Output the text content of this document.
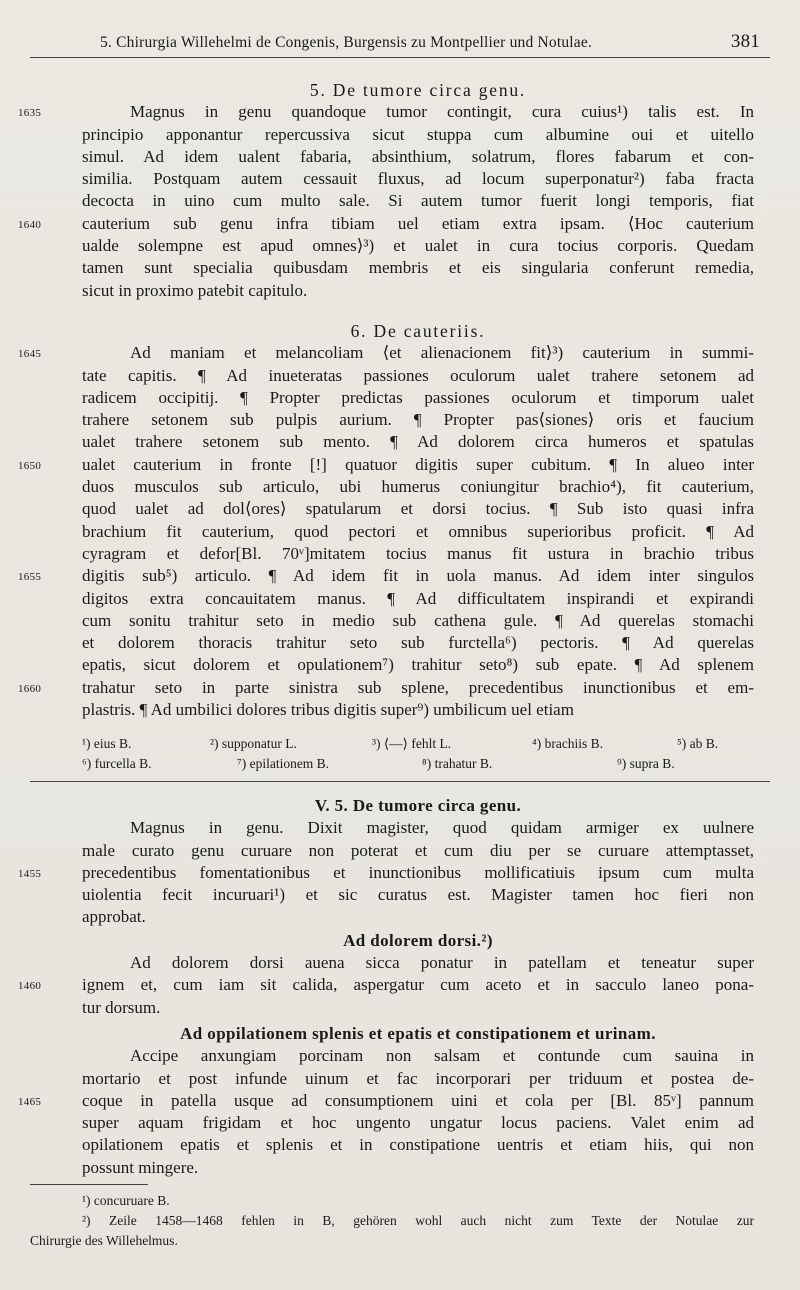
5. Chirurgia Willehelmi de Congenis, Burgensis zu Montpellier und Notulae.	381
5. De tumore circa genu.
Magnus in genu quandoque tumor contingit, cura cuius¹) talis est. In
1635
principio apponantur repercussiva sicut stuppa cum albumine oui et uitello
simul. Ad idem ualent fabaria, absinthium, solatrum, flores fabarum et con-
similia. Postquam autem cessauit fluxus, ad locum superponatur²) faba fracta
decocta in uino cum multo sale. Si autem tumor fuerit longi temporis, fiat
cauterium sub genu infra tibiam uel etiam extra ipsam. ⟨Hoc cauterium
1640
ualde solempne est apud omnes⟩³) et ualet in cura tocius corporis. Quedam
tamen sunt specialia quibusdam membris et eis singularia conferunt remedia,
sicut in proximo patebit capitulo.
6. De cauteriis.
Ad maniam et melancoliam ⟨et alienacionem fit⟩³) cauterium in summi-
1645
tate capitis. ¶ Ad inueteratas passiones oculorum ualet trahere setonem ad
radicem occipitij. ¶ Propter predictas passiones oculorum et timporum ualet
trahere setonem sub pulpis aurium. ¶ Propter pas⟨siones⟩ oris et faucium
ualet trahere setonem sub mento. ¶ Ad dolorem circa humeros et spatulas
ualet cauterium in fronte [!] quatuor digitis super cubitum. ¶ In alueo inter
1650
duos musculos sub articulo, ubi humerus coniungitur brachio⁴), fit cauterium,
quod ualet ad dol⟨ores⟩ spatularum et dorsi tocius. ¶ Sub isto quasi infra
brachium fit cauterium, quod pectori et omnibus superioribus proficit. ¶ Ad
cyragram et defor[Bl. 70ᵛ]mitatem tocius manus fit ustura in brachio tribus
digitis sub⁵) articulo. ¶ Ad idem fit in uola manus. Ad idem inter singulos
1655
digitos extra concauitatem manus. ¶ Ad difficultatem inspirandi et expirandi
cum sonitu trahitur seto in medio sub cathena gule. ¶ Ad querelas stomachi
et dolorem thoracis trahitur seto sub furctella⁶) pectoris. ¶ Ad querelas
epatis, sicut dolorem et opulationem⁷) trahitur seto⁸) sub epate. ¶ Ad splenem
trahatur seto in parte sinistra sub splene, precedentibus inunctionibus et em-
1660
plastris. ¶ Ad umbilici dolores tribus digitis super⁹) umbilicum uel etiam
¹) eius B.	²) supponatur L.	³) ⟨—⟩ fehlt L.	⁴) brachiis B.	⁵) ab B.
⁶) furcella B.	⁷) epilationem B.	⁸) trahatur B.	⁹) supra B.
V. 5. De tumore circa genu.
Magnus in genu. Dixit magister, quod quidam armiger ex uulnere
male curato genu curuare non poterat et cum diu per se curuare attemptasset,
precedentibus fomentationibus et inunctionibus mollificatiuis ipsum cum multa
1455
uiolentia fecit incuruari¹) et sic curatus est. Magister tamen hoc fieri non
approbat.
Ad dolorem dorsi.²)
Ad dolorem dorsi auena sicca ponatur in patellam et teneatur super
ignem et, cum iam sit calida, aspergatur cum aceto et in sacculo laneo pona-
1460
tur dorsum.
Ad oppilationem splenis et epatis et constipationem et urinam.
Accipe anxungiam porcinam non salsam et contunde cum sauina in
mortario et post infunde uinum et fac incorporari per triduum et postea de-
coque in patella usque ad consumptionem uini et cola per [Bl. 85ᵛ] pannum
1465
super aquam frigidam et hoc ungento ungatur locus paciens. Valet enim ad
opilationem epatis et splenis et in constipatione uentris et etiam hiis, qui non
possunt mingere.
¹) concuruare B.
²) Zeile 1458—1468 fehlen in B, gehören wohl auch nicht zum Texte der Notulae zur
Chirurgie des Willehelmus.
